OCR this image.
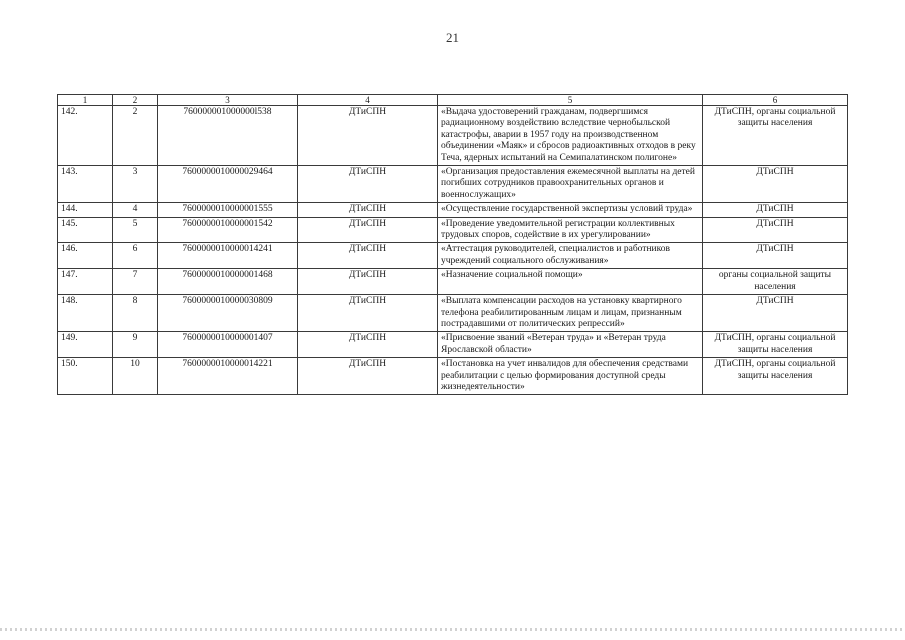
21
1	2	3	4	5	6
142.	2	760000001000000l538	ДТиСПН	«Выдача удостоверений гражданам, подвергшимся радиационному воздействию вследствие чернобыльской катастрофы, аварии в 1957 году на производственном объединении «Маяк» и сбросов радиоактивных отходов в реку Теча, ядерных испытаний на Семипалатинском полигоне»	ДТиСПН, органы социальной защиты населения
143.	3	7600000010000029464	ДТиСПН	«Организация предоставления ежемесячной выплаты на детей погибших сотрудников правоохранительных органов и военнослужащих»	ДТиСПН
144.	4	7600000010000001555	ДТиСПН	«Осуществление государственной экспертизы условий труда»	ДТиСПН
145.	5	7600000010000001542	ДТиСПН	«Проведение уведомительной регистрации коллективных трудовых споров, содействие в их урегулировании»	ДТиСПН
146.	6	7600000010000014241	ДТиСПН	«Аттестация руководителей, специалистов и работников учреждений социального обслуживания»	ДТиСПН
147.	7	7600000010000001468	ДТиСПН	«Назначение социальной помощи»	органы социальной защиты населения
148.	8	7600000010000030809	ДТиСПН	«Выплата компенсации расходов на установку квартирного телефона реабилитированным лицам и лицам, признанным пострадавшими от политических репрессий»	ДТиСПН
149.	9	7600000010000001407	ДТиСПН	«Присвоение званий «Ветеран труда» и «Ветеран труда Ярославской области»	ДТиСПН, органы социальной защиты населения
150.	10	7600000010000014221	ДТиСПН	«Постановка на учет инвалидов для обеспечения средствами реабилитации с целью формирования доступной среды жизнедеятельности»	ДТиСПН, органы социальной защиты населения
